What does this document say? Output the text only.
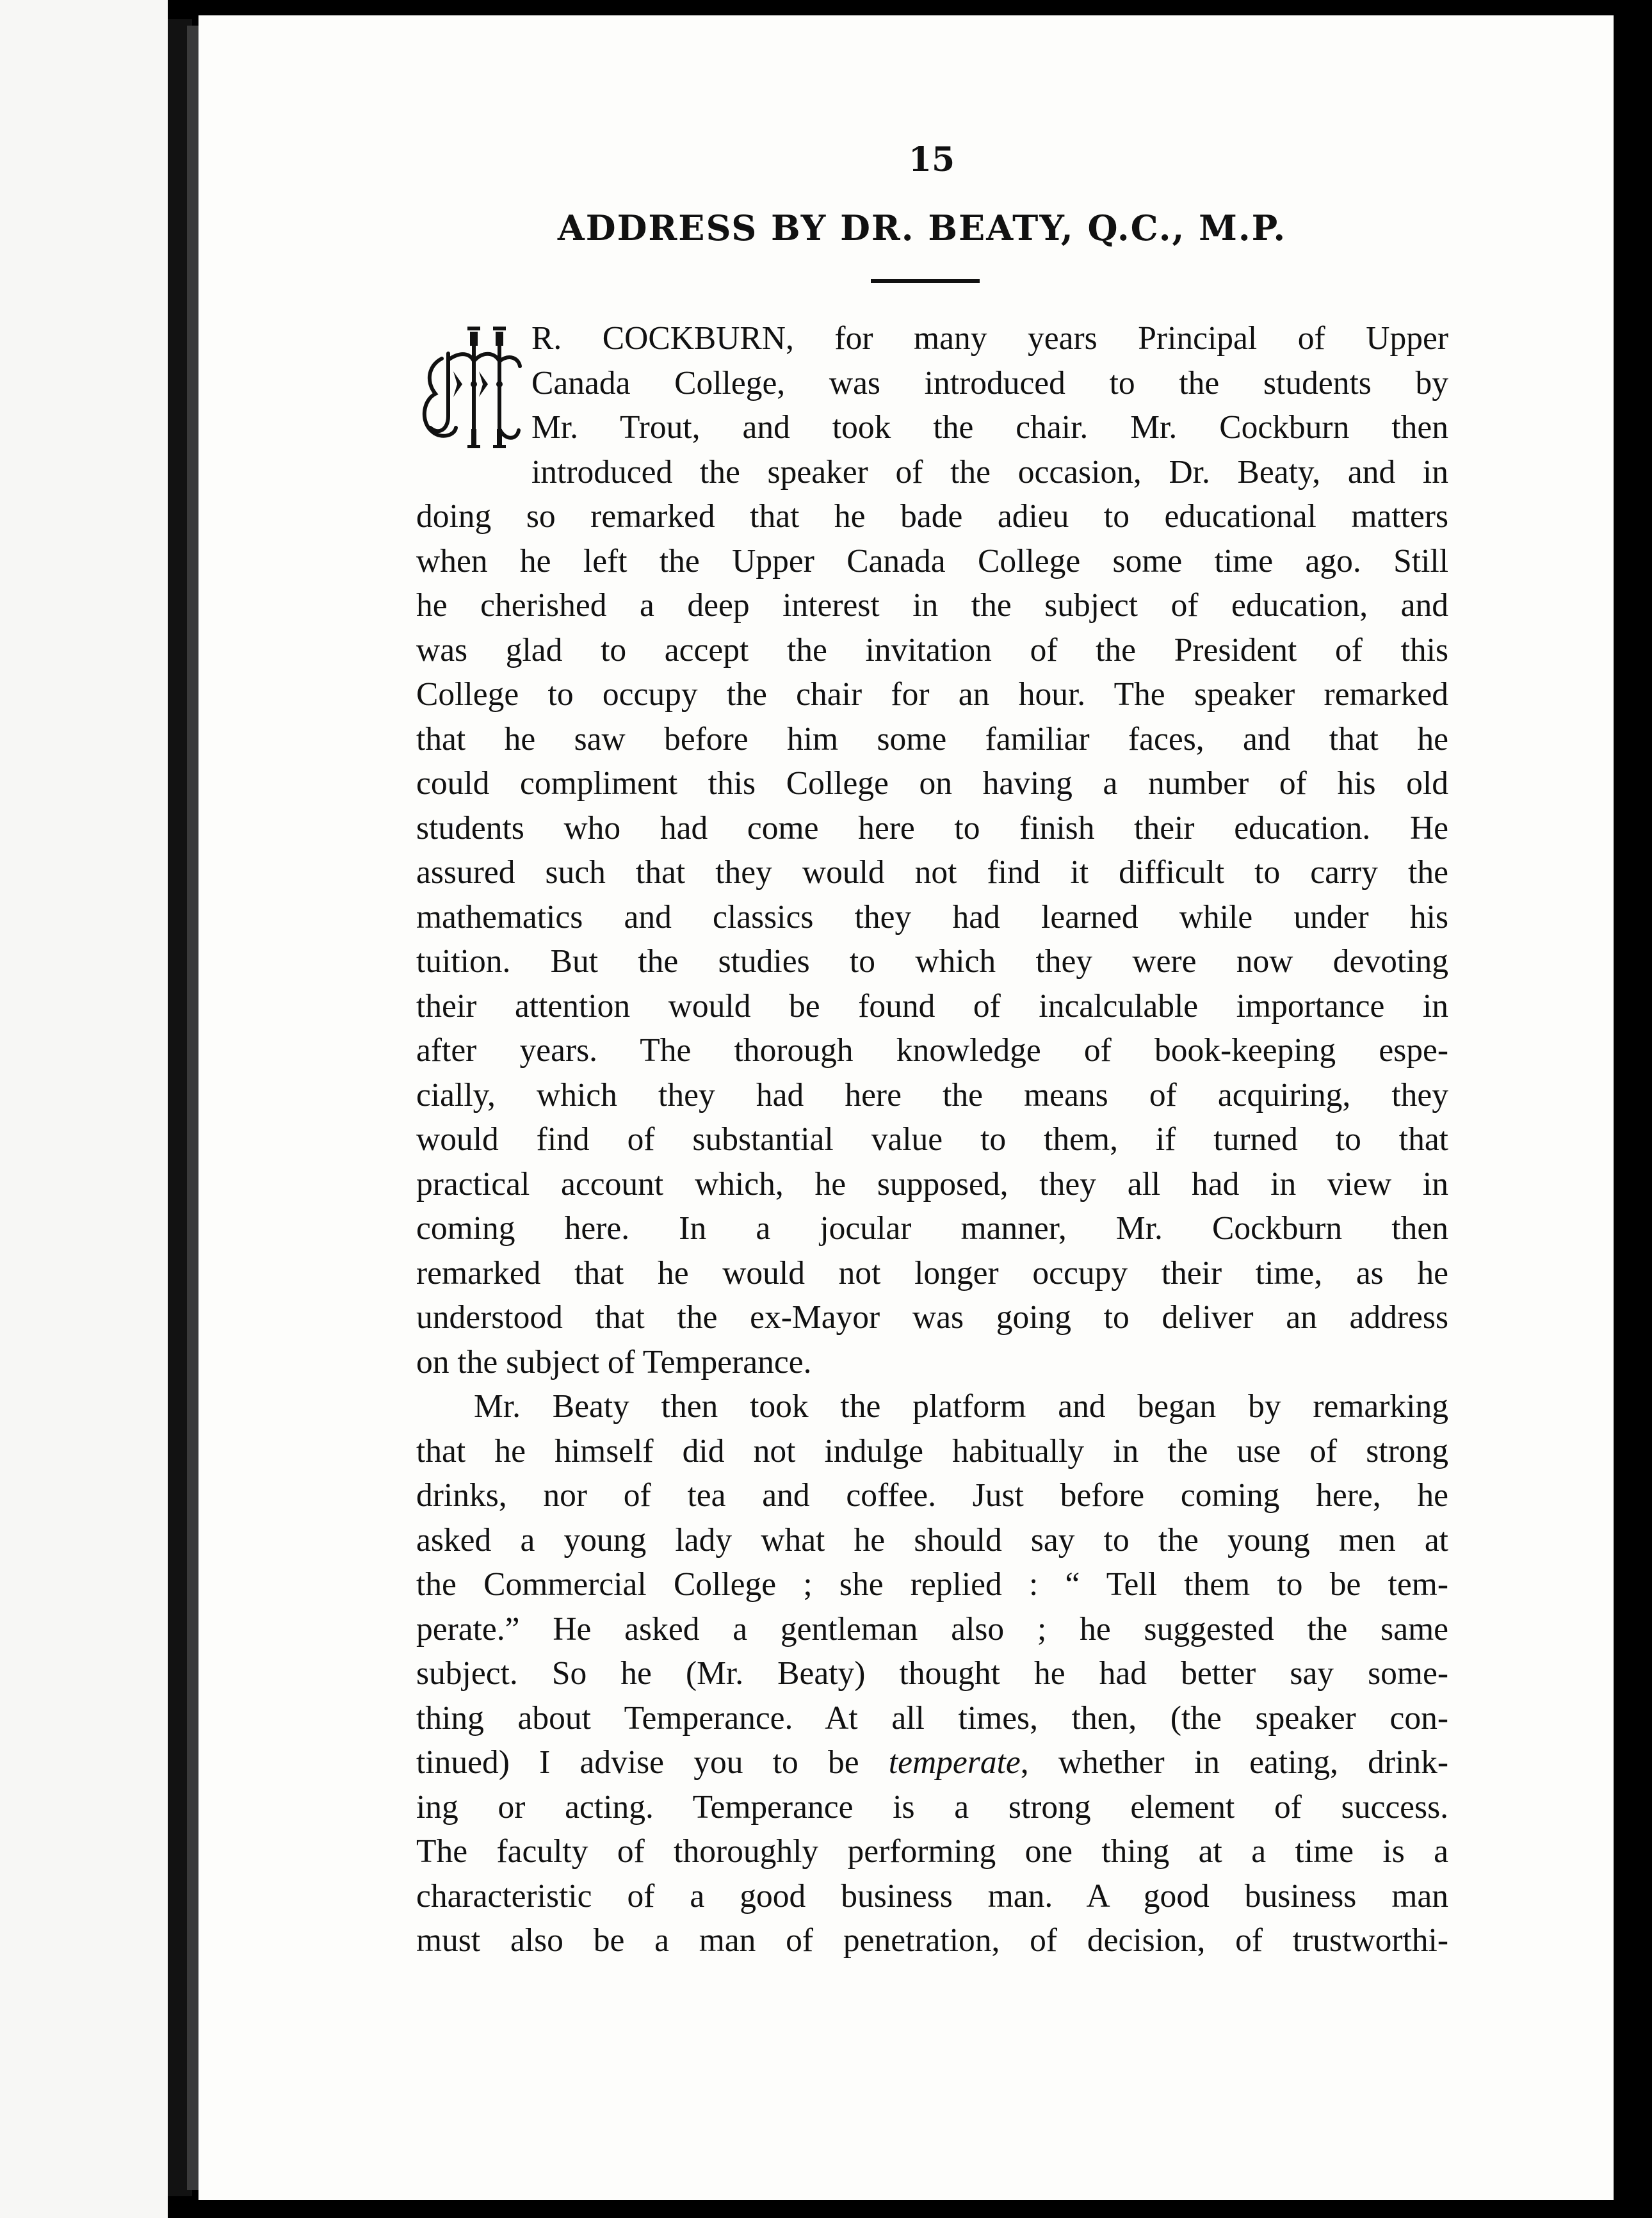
15
ADDRESS BY DR. BEATY, Q.C., M.P.
R. COCKBURN, for many years Principal of Upper
Canada College, was introduced to the students by
Mr. Trout, and took the chair. Mr. Cockburn then
introduced the speaker of the occasion, Dr. Beaty, and in
doing so remarked that he bade adieu to educational matters
when he left the Upper Canada College some time ago. Still
he cherished a deep interest in the subject of education, and
was glad to accept the invitation of the President of this
College to occupy the chair for an hour. The speaker remarked
that he saw before him some familiar faces, and that he
could compliment this College on having a number of his old
students who had come here to finish their education. He
assured such that they would not find it difficult to carry the
mathematics and classics they had learned while under his
tuition. But the studies to which they were now devoting
their attention would be found of incalculable importance in
after years. The thorough knowledge of book-keeping espe-
cially, which they had here the means of acquiring, they
would find of substantial value to them, if turned to that
practical account which, he supposed, they all had in view in
coming here. In a jocular manner, Mr. Cockburn then
remarked that he would not longer occupy their time, as he
understood that the ex-Mayor was going to deliver an address
on the subject of Temperance.
Mr. Beaty then took the platform and began by remarking
that he himself did not indulge habitually in the use of strong
drinks, nor of tea and coffee. Just before coming here, he
asked a young lady what he should say to the young men at
the Commercial College ; she replied : “ Tell them to be tem-
perate.” He asked a gentleman also ; he suggested the same
subject. So he (Mr. Beaty) thought he had better say some-
thing about Temperance. At all times, then, (the speaker con-
tinued) I advise you to be temperate, whether in eating, drink-
ing or acting. Temperance is a strong element of success.
The faculty of thoroughly performing one thing at a time is a
characteristic of a good business man. A good business man
must also be a man of penetration, of decision, of trustworthi-
